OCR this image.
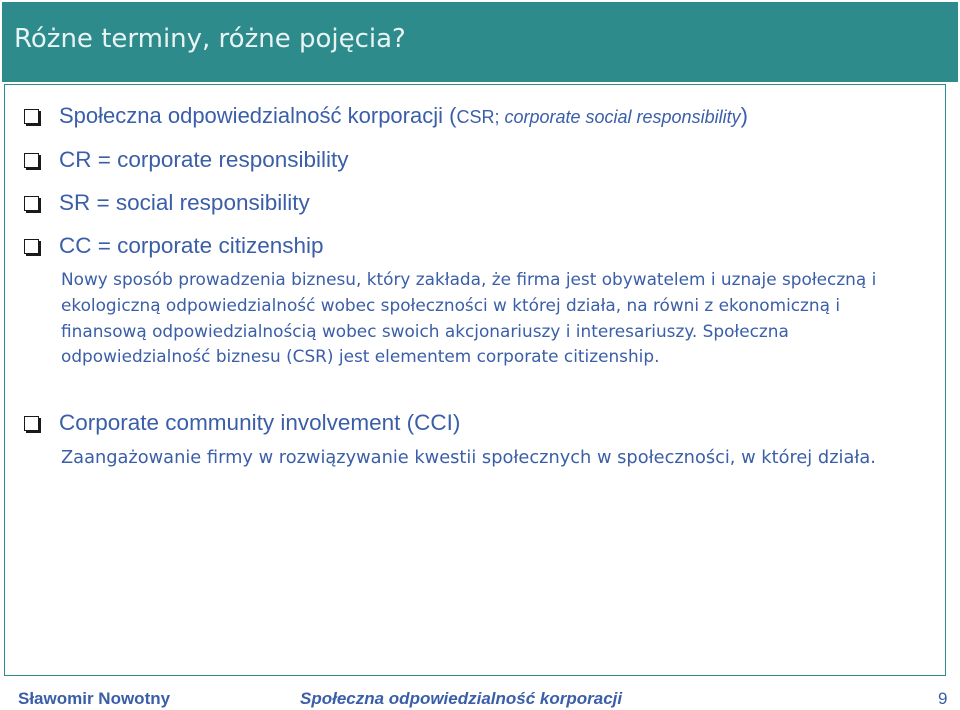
Różne terminy, różne pojęcia?
Społeczna odpowiedzialność korporacji (CSR; corporate social responsibility)
CR = corporate responsibility
SR = social responsibility
CC = corporate citizenship

Nowy sposób prowadzenia biznesu, który zakłada, że firma jest obywatelem i uznaje społeczną i ekologiczną odpowiedzialność wobec społeczności w której działa, na równi z ekonomiczną i finansową odpowiedzialnością wobec swoich akcjonariuszy i interesariuszy. Społeczna odpowiedzialność biznesu (CSR) jest elementem corporate citizenship.

Corporate community involvement (CCI)

Zaangażowanie firmy w rozwiązywanie kwestii społecznych w społeczności, w której działa.

Sławomir Nowotny	Społeczna odpowiedzialność korporacji	9
